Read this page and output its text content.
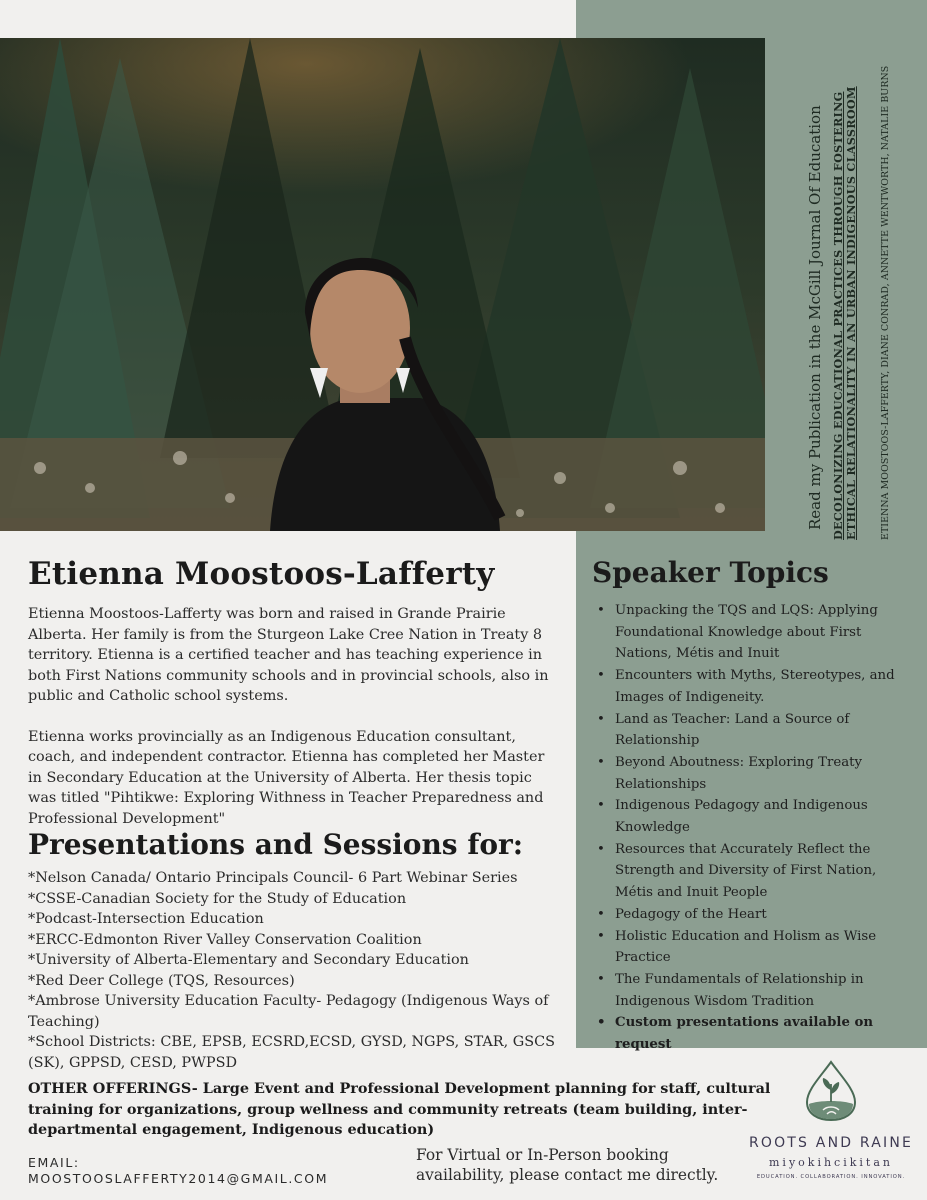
Read my Publication in the McGill Journal Of Education DECOLONIZING EDUCATIONAL PRACTICES THROUGH FOSTERING ETHICAL RELATIONALITY IN AN URBAN INDIGENOUS CLASSROOM ETIENNA MOOSTOOS-LAFFERTY, DIANE CONRAD, ANNETTE WENTWORTH, NATALIE BURNS
Etienna Moostoos-Lafferty

Etienna Moostoos-Lafferty was born and raised in Grande Prairie Alberta. Her family is from the Sturgeon Lake Cree Nation in Treaty 8 territory. Etienna is a certified teacher and has teaching experience in both First Nations community schools and in provincial schools, also in public and Catholic school systems.

Etienna works provincially as an Indigenous Education consultant, coach, and independent contractor. Etienna has completed her Master in Secondary Education at the University of Alberta. Her thesis topic was titled "Pihtikwe: Exploring Withness in Teacher Preparedness and Professional Development"

Presentations and Sessions for:
*Nelson Canada/ Ontario Principals Council- 6 Part Webinar Series
*CSSE-Canadian Society for the Study of Education
*Podcast-Intersection Education
*ERCC-Edmonton River Valley Conservation Coalition
*University of Alberta-Elementary and Secondary Education
*Red Deer College (TQS, Resources)
*Ambrose University Education Faculty- Pedagogy (Indigenous Ways of Teaching)
*School Districts: CBE, EPSB, ECSRD,ECSD, GYSD, NGPS, STAR, GSCS (SK), GPPSD, CESD, PWPSD
Speaker Topics
• Unpacking the TQS and LQS: Applying Foundational Knowledge about First Nations, Métis and Inuit
• Encounters with Myths, Stereotypes, and Images of Indigeneity.
• Land as Teacher: Land a Source of Relationship
• Beyond Aboutness: Exploring Treaty Relationships
• Indigenous Pedagogy and Indigenous Knowledge
• Resources that Accurately Reflect the Strength and Diversity of First Nation, Métis and Inuit People
• Pedagogy of the Heart
• Holistic Education and Holism as Wise Practice
• The Fundamentals of Relationship in Indigenous Wisdom Tradition
• Custom presentations available on request
OTHER OFFERINGS- Large Event and Professional Development planning for staff, cultural training for organizations, group wellness and community retreats (team building, inter-departmental engagement, Indigenous education)
EMAIL:
MOOSTOOSLAFFERTY2014@GMAIL.COM
For Virtual or In-Person booking availability, please contact me directly.
ROOTS AND RAINE
miyokihcikitan
EDUCATION. COLLABORATION. INNOVATION.
